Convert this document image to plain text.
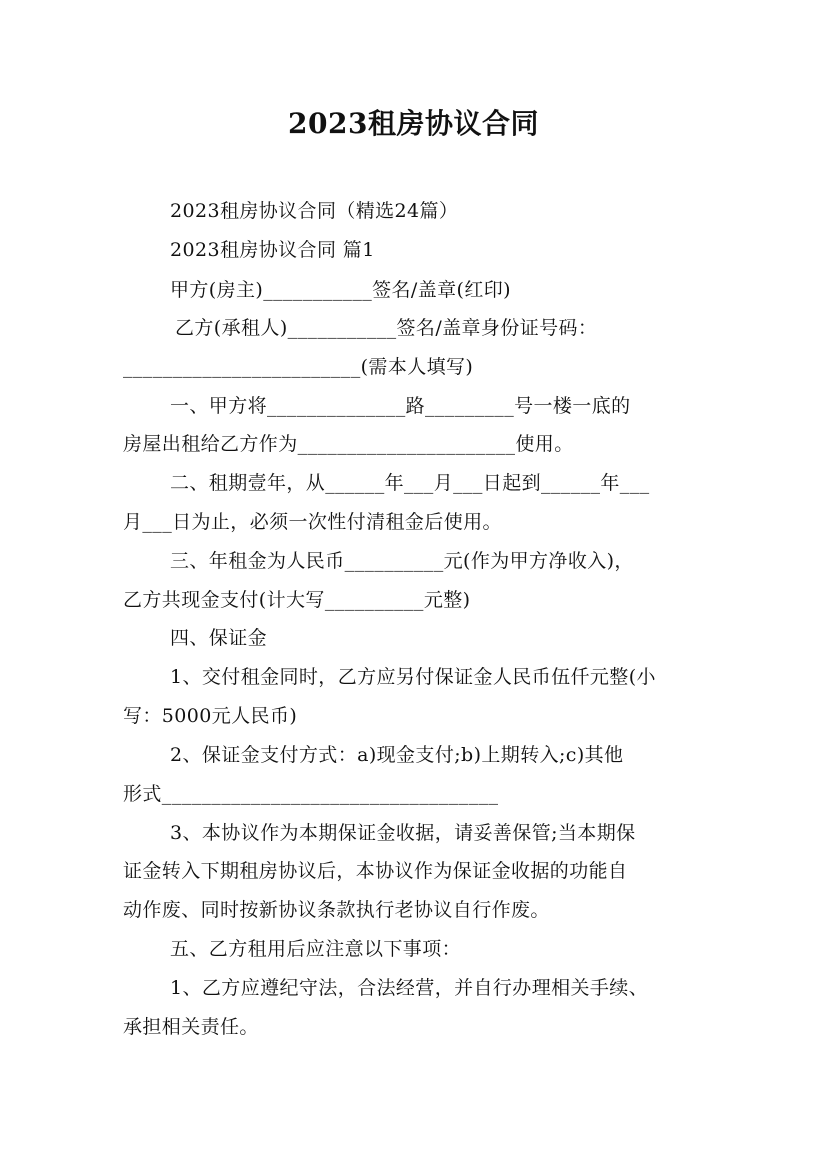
2023租房协议合同
2023租房协议合同（精选24篇）
2023租房协议合同 篇1
甲方(房主)___________签名/盖章(红印)
乙方(承租人)___________签名/盖章身份证号码：
________________________(需本人填写)
一、甲方将______________路_________号一楼一底的
房屋出租给乙方作为______________________使用。
二、租期壹年，从______年___月___日起到______年___
月___日为止，必须一次性付清租金后使用。
三、年租金为人民币__________元(作为甲方净收入)，
乙方共现金支付(计大写__________元整)
四、保证金
1、交付租金同时，乙方应另付保证金人民币伍仟元整(小
写：5000元人民币)
2、保证金支付方式：a)现金支付;b)上期转入;c)其他
形式__________________________________
3、本协议作为本期保证金收据，请妥善保管;当本期保
证金转入下期租房协议后，本协议作为保证金收据的功能自
动作废、同时按新协议条款执行老协议自行作废。
五、乙方租用后应注意以下事项：
1、乙方应遵纪守法，合法经营，并自行办理相关手续、
承担相关责任。
